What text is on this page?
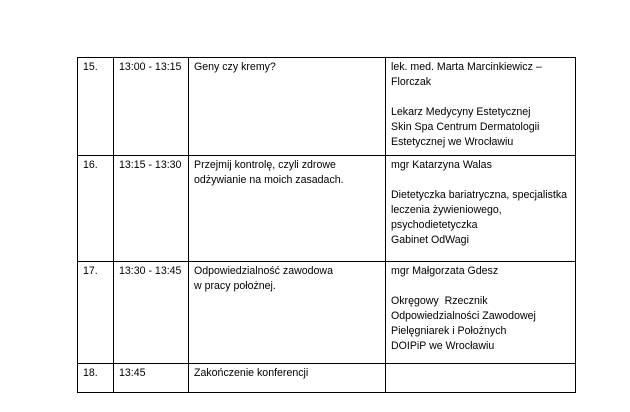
15.	13:00 - 13:15	Geny czy kremy?	lek. med. Marta Marcinkiewicz –
Florczak
Lekarz Medycyny Estetycznej
Skin Spa Centrum Dermatologii
Estetycznej we Wrocławiu

16.	13:15 - 13:30	Przejmij kontrolę, czyli zdrowe
odżywianie na moich zasadach.	mgr Katarzyna Walas
Dietetyczka bariatryczna, specjalistka
leczenia żywieniowego,
psychodietetyczka
Gabinet OdWagi

17.	13:30 - 13:45	Odpowiedzialność zawodowa
w pracy położnej.	mgr Małgorzata Gdesz
Okręgowy  Rzecznik
Odpowiedzialności Zawodowej
Pielęgniarek i Położnych
DOIPiP we Wrocławiu

18.	13:45	Zakończenie konferencji	
